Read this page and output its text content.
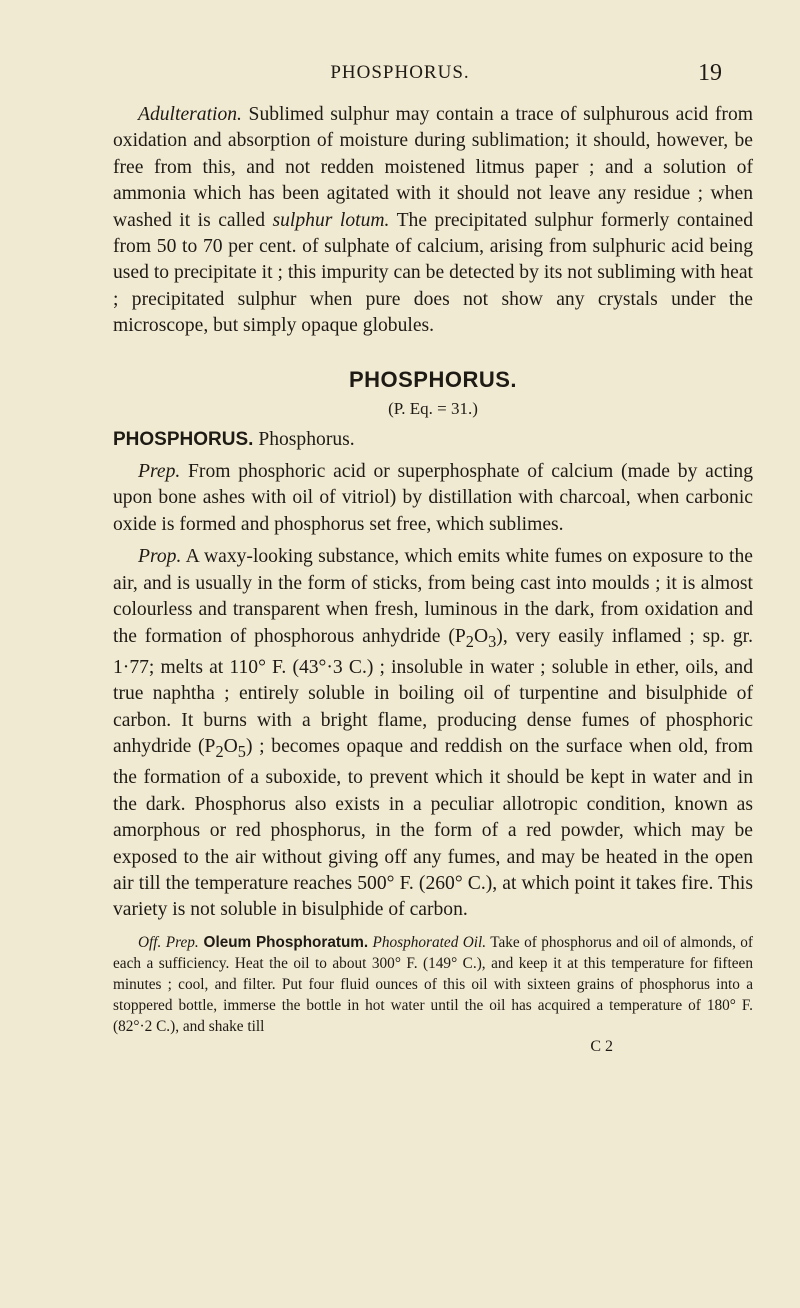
PHOSPHORUS.	19

Adulteration. Sublimed sulphur may contain a trace of sulphurous acid from oxidation and absorption of moisture during sublimation; it should, however, be free from this, and not redden moistened litmus paper ; and a solution of ammonia which has been agitated with it should not leave any residue ; when washed it is called sulphur lotum. The precipitated sulphur formerly contained from 50 to 70 per cent. of sulphate of calcium, arising from sulphuric acid being used to precipitate it ; this impurity can be detected by its not subliming with heat ; precipitated sulphur when pure does not show any crystals under the microscope, but simply opaque globules.

PHOSPHORUS.
(P. Eq. = 31.)

PHOSPHORUS. Phosphorus.

Prep. From phosphoric acid or superphosphate of calcium (made by acting upon bone ashes with oil of vitriol) by distillation with charcoal, when carbonic oxide is formed and phosphorus set free, which sublimes.

Prop. A waxy-looking substance, which emits white fumes on exposure to the air, and is usually in the form of sticks, from being cast into moulds ; it is almost colourless and transparent when fresh, luminous in the dark, from oxidation and the formation of phosphorous anhydride $(P_2O_3)$, very easily inflamed ; sp. gr. 1·77; melts at 110° F. (43°·3 C.) ; insoluble in water ; soluble in ether, oils, and true naphtha ; entirely soluble in boiling oil of turpentine and bisulphide of carbon. It burns with a bright flame, producing dense fumes of phosphoric anhydride $(P_2O_5)$ ; becomes opaque and reddish on the surface when old, from the formation of a suboxide, to prevent which it should be kept in water and in the dark. Phosphorus also exists in a peculiar allotropic condition, known as amorphous or red phosphorus, in the form of a red powder, which may be exposed to the air without giving off any fumes, and may be heated in the open air till the temperature reaches 500° F. (260° C.), at which point it takes fire. This variety is not soluble in bisulphide of carbon.

Off. Prep. Oleum Phosphoratum. Phosphorated Oil. Take of phosphorus and oil of almonds, of each a sufficiency. Heat the oil to about 300° F. (149° C.), and keep it at this temperature for fifteen minutes ; cool, and filter. Put four fluid ounces of this oil with sixteen grains of phosphorus into a stoppered bottle, immerse the bottle in hot water until the oil has acquired a temperature of 180° F. (82°·2 C.), and shake till

C 2
